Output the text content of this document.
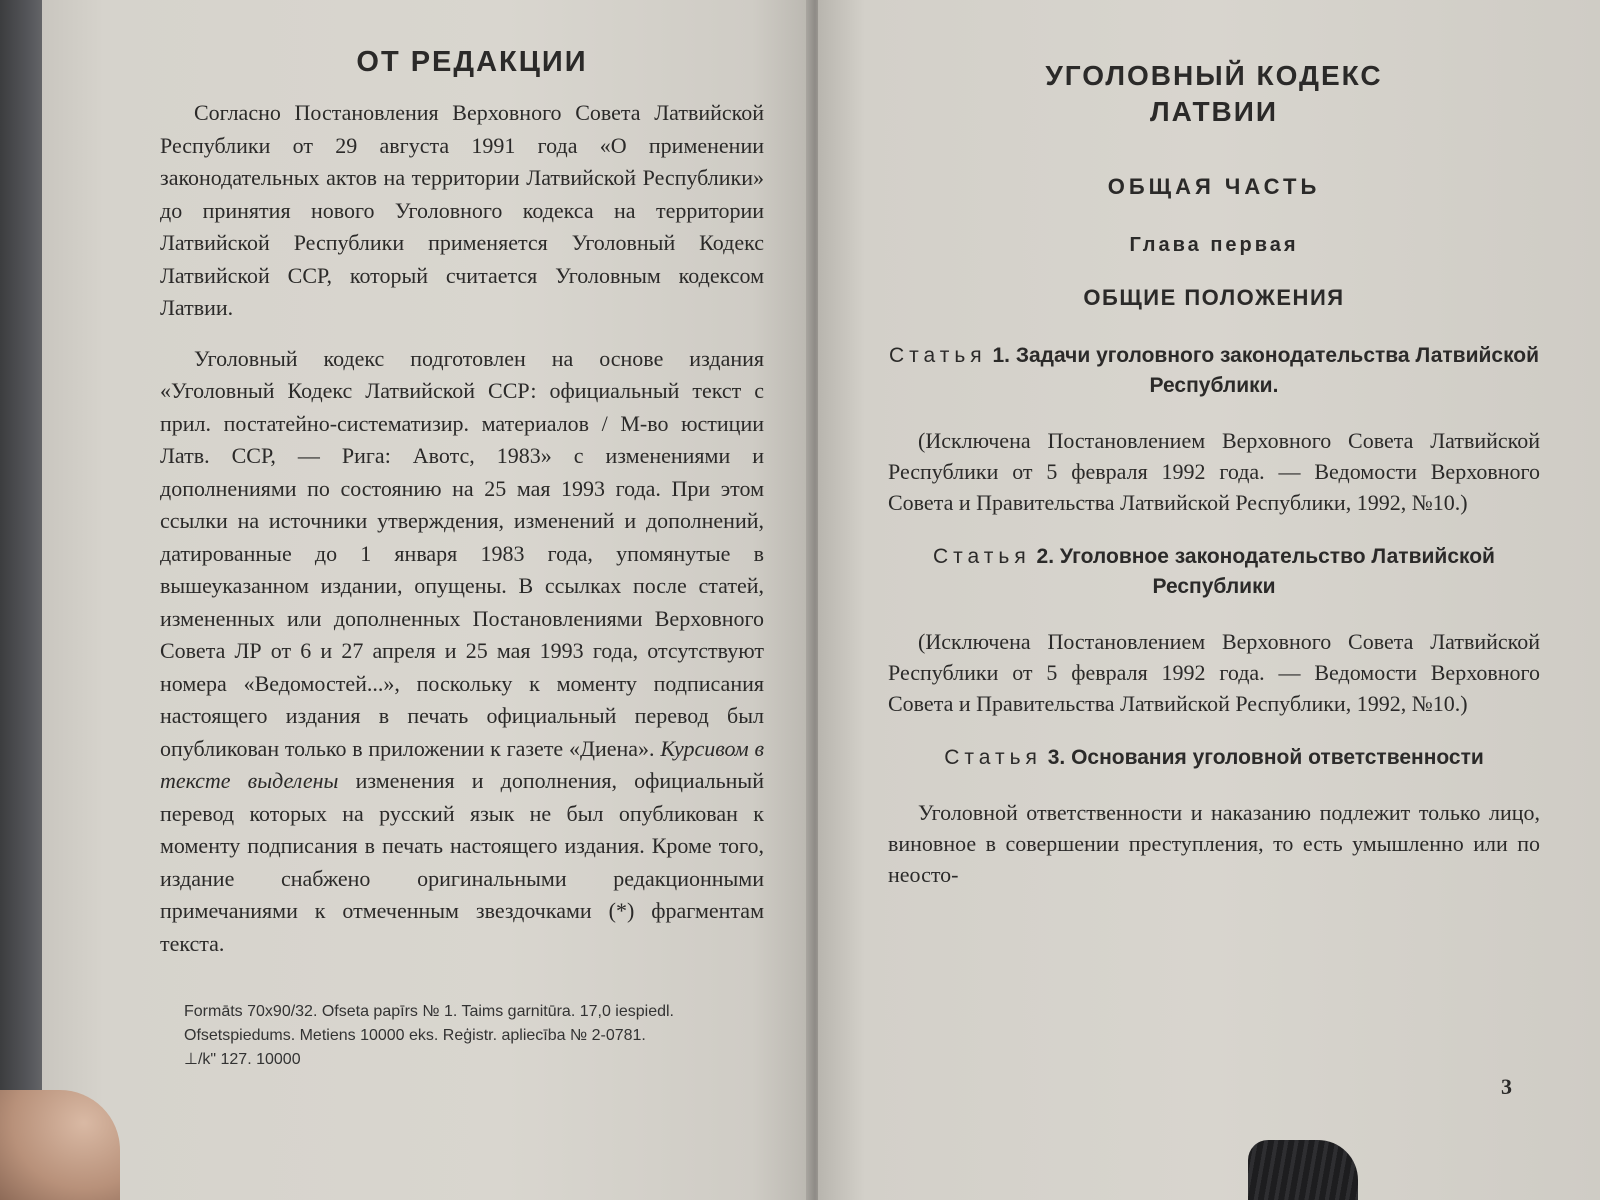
ОТ РЕДАКЦИИ

Согласно Постановления Верховного Совета Латвийской Республики от 29 августа 1991 года «О применении законодательных актов на территории Латвийской Республики» до принятия нового Уголовного кодекса на территории Латвийской Республики применяется Уголовный Кодекс Латвийской ССР, который считается Уголовным кодексом Латвии.

Уголовный кодекс подготовлен на основе издания «Уголовный Кодекс Латвийской ССР: официальный текст с прил. постатейно-систематизир. материалов / М-во юстиции Латв. ССР, — Рига: Авотс, 1983» с изменениями и дополнениями по состоянию на 25 мая 1993 года. При этом ссылки на источники утверждения, изменений и дополнений, датированные до 1 января 1983 года, упомянутые в вышеуказанном издании, опущены. В ссылках после статей, измененных или дополненных Постановлениями Верховного Совета ЛР от 6 и 27 апреля и 25 мая 1993 года, отсутствуют номера «Ведомостей...», поскольку к моменту подписания настоящего издания в печать официальный перевод был опубликован только в приложении к газете «Диена». Курсивом в тексте выделены изменения и дополнения, официальный перевод которых на русский язык не был опубликован к моменту подписания в печать настоящего издания. Кроме того, издание снабжено оригинальными редакционными примечаниями к отмеченным звездочками (*) фрагментам текста.

Formāts 70x90/32. Ofseta papīrs № 1. Taims garnitūra. 17,0 iespiedl.
Ofsetspiedums. Metiens 10000 eks. Reģistr. apliecība № 2-0781.
⊥/k" 127. 10000
УГОЛОВНЫЙ КОДЕКС
ЛАТВИИ
ОБЩАЯ ЧАСТЬ
Глава первая
ОБЩИЕ ПОЛОЖЕНИЯ
Статья 1. Задачи уголовного законодательства Латвийской Республики.

(Исключена Постановлением Верховного Совета Латвийской Республики от 5 февраля 1992 года. — Ведомости Верховного Совета и Правительства Латвийской Республики, 1992, №10.)

Статья 2. Уголовное законодательство Латвийской Республики

(Исключена Постановлением Верховного Совета Латвийской Республики от 5 февраля 1992 года. — Ведомости Верховного Совета и Правительства Латвийской Республики, 1992, №10.)

Статья 3. Основания уголовной ответственности

Уголовной ответственности и наказанию подлежит только лицо, виновное в совершении преступления, то есть умышленно или по неосто-

3
